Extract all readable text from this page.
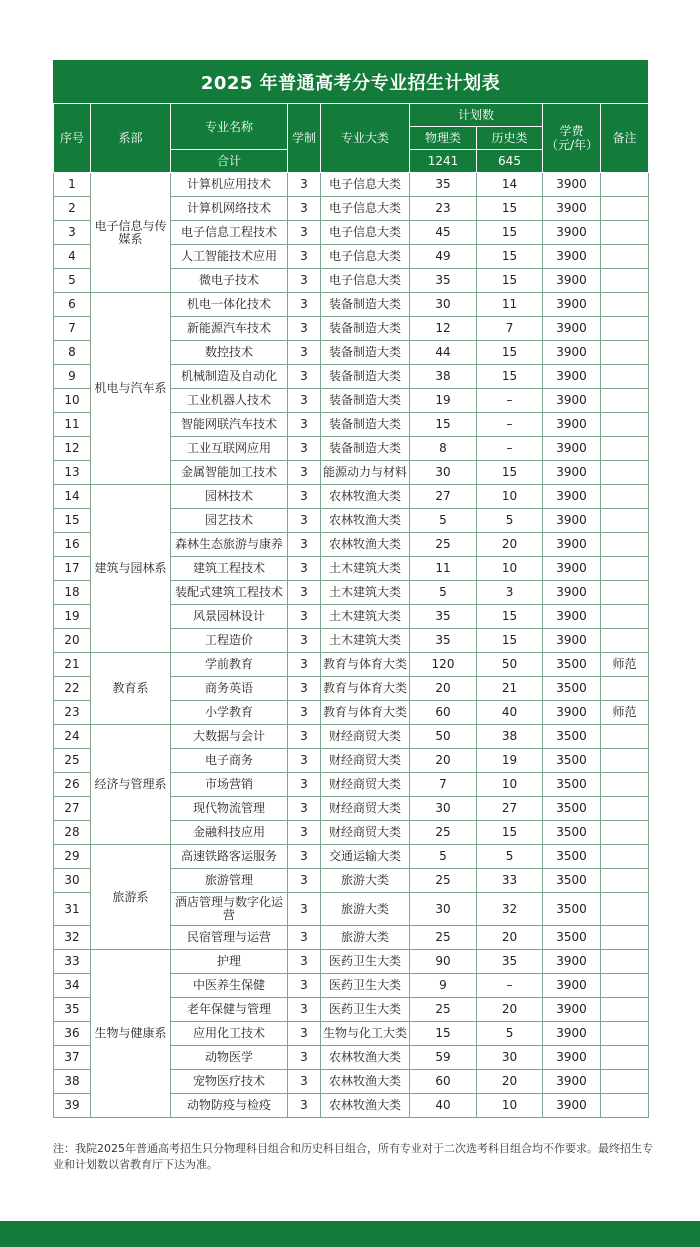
2025 年普通高考分专业招生计划表
序号	系部	专业名称	学制	专业大类	计划数		学费（元/年）	备注
					物理类	历史类		
		合计			1241	645		
1	电子信息与传媒系	计算机应用技术	3	电子信息大类	35	14	3900	
2		计算机网络技术	3	电子信息大类	23	15	3900	
3		电子信息工程技术	3	电子信息大类	45	15	3900	
4		人工智能技术应用	3	电子信息大类	49	15	3900	
5		微电子技术	3	电子信息大类	35	15	3900	
6	机电与汽车系	机电一体化技术	3	装备制造大类	30	11	3900	
7		新能源汽车技术	3	装备制造大类	12	7	3900	
8		数控技术	3	装备制造大类	44	15	3900	
9		机械制造及自动化	3	装备制造大类	38	15	3900	
10		工业机器人技术	3	装备制造大类	19	–	3900	
11		智能网联汽车技术	3	装备制造大类	15	–	3900	
12		工业互联网应用	3	装备制造大类	8	–	3900	
13		金属智能加工技术	3	能源动力与材料	30	15	3900	
14	建筑与园林系	园林技术	3	农林牧渔大类	27	10	3900	
15		园艺技术	3	农林牧渔大类	5	5	3900	
16		森林生态旅游与康养	3	农林牧渔大类	25	20	3900	
17		建筑工程技术	3	土木建筑大类	11	10	3900	
18		装配式建筑工程技术	3	土木建筑大类	5	3	3900	
19		风景园林设计	3	土木建筑大类	35	15	3900	
20		工程造价	3	土木建筑大类	35	15	3900	
21	教育系	学前教育	3	教育与体育大类	120	50	3500	师范
22		商务英语	3	教育与体育大类	20	21	3500	
23		小学教育	3	教育与体育大类	60	40	3900	师范
24	经济与管理系	大数据与会计	3	财经商贸大类	50	38	3500	
25		电子商务	3	财经商贸大类	20	19	3500	
26		市场营销	3	财经商贸大类	7	10	3500	
27		现代物流管理	3	财经商贸大类	30	27	3500	
28		金融科技应用	3	财经商贸大类	25	15	3500	
29	旅游系	高速铁路客运服务	3	交通运输大类	5	5	3500	
30		旅游管理	3	旅游大类	25	33	3500	
31		酒店管理与数字化运营	3	旅游大类	30	32	3500	
32		民宿管理与运营	3	旅游大类	25	20	3500	
33	生物与健康系	护理	3	医药卫生大类	90	35	3900	
34		中医养生保健	3	医药卫生大类	9	–	3900	
35		老年保健与管理	3	医药卫生大类	25	20	3900	
36		应用化工技术	3	生物与化工大类	15	5	3900	
37		动物医学	3	农林牧渔大类	59	30	3900	
38		宠物医疗技术	3	农林牧渔大类	60	20	3900	
39		动物防疫与检疫	3	农林牧渔大类	40	10	3900	
注：我院2025年普通高考招生只分物理科目组合和历史科目组合，所有专业对于二次选考科目组合均不作要求。最终招生专业和计划数以省教育厅下达为准。
